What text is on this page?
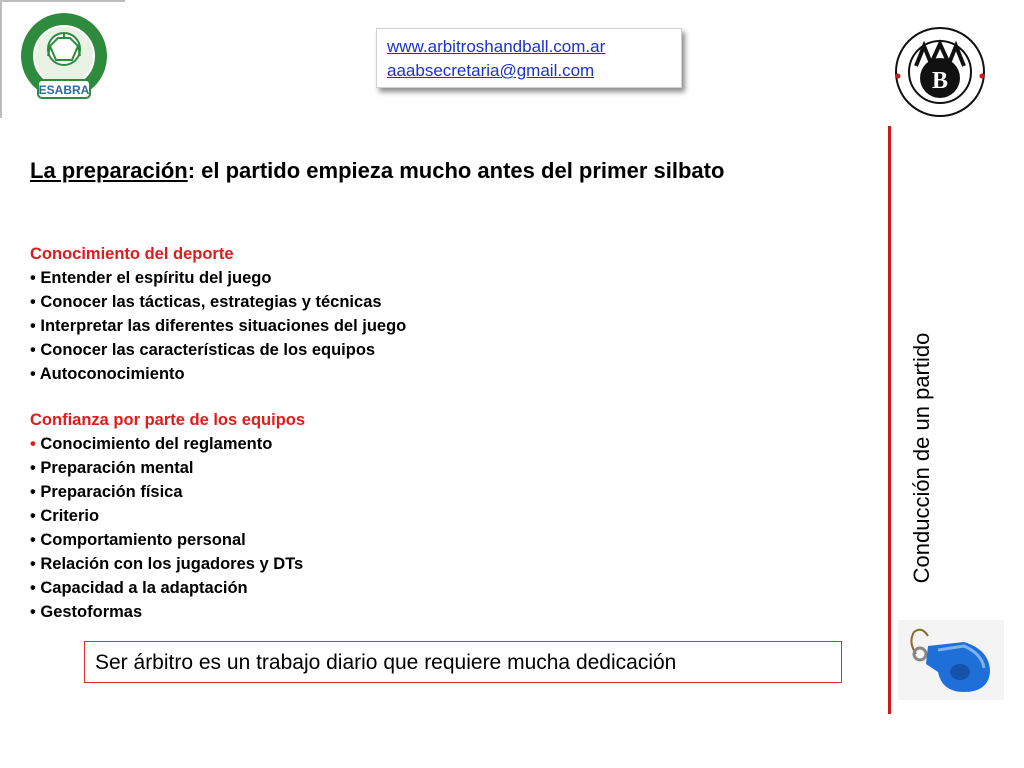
ESABRA
www.arbitroshandball.com.ar
aaabsecretaria@gmail.com	B
La preparación: el partido empieza mucho antes del primer silbato
Conocimiento del deporte
• Entender el espíritu del juego
• Conocer las tácticas, estrategias y técnicas
• Interpretar las diferentes situaciones del juego
• Conocer las características de los equipos
• Autoconocimiento
Confianza por parte de los equipos
• Conocimiento del reglamento
• Preparación mental
• Preparación física
• Criterio
• Comportamiento personal
• Relación con los jugadores y DTs
• Capacidad a la adaptación
• Gestoformas
Conducción de un partido
Ser árbitro es un trabajo diario que requiere mucha dedicación
